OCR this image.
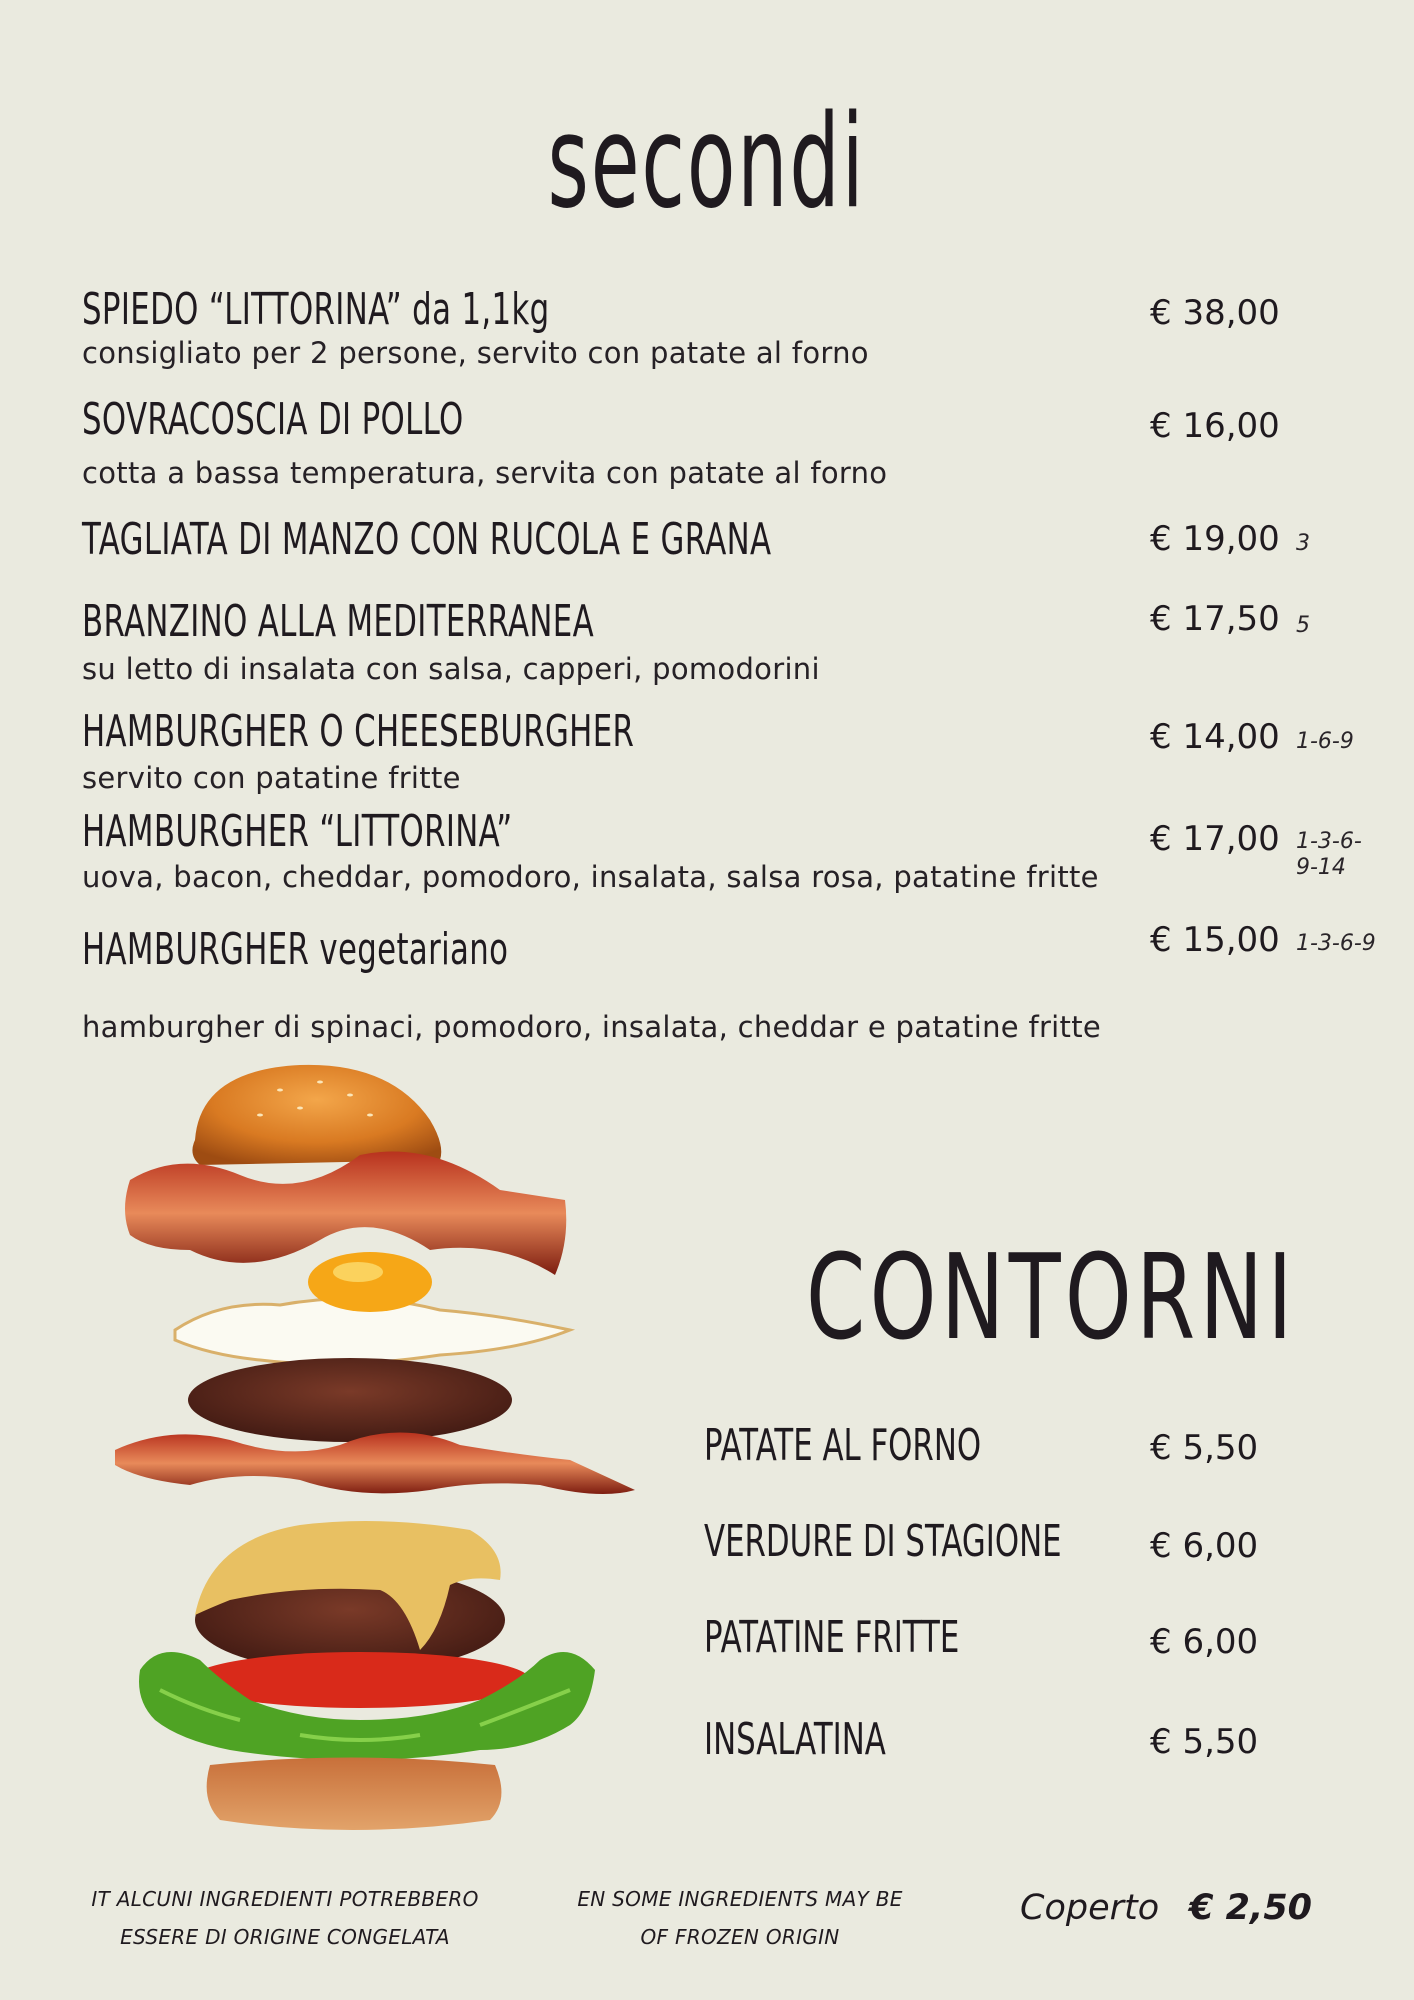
secondi
SPIEDO “LITTORINA” da 1,1kg
consigliato per 2 persone, servito con patate al forno
€ 38,00
SOVRACOSCIA DI POLLO
cotta a bassa temperatura, servita con patate al forno
€ 16,00
TAGLIATA DI MANZO CON RUCOLA E GRANA	€ 19,00 3
BRANZINO ALLA MEDITERRANEA
su letto di insalata con salsa, capperi, pomodorini
€ 17,50 5
HAMBURGHER O CHEESEBURGHER
servito con patatine fritte
€ 14,00 1-6-9
HAMBURGHER “LITTORINA”
uova, bacon, cheddar, pomodoro, insalata, salsa rosa, patatine fritte
€ 17,00 1-3-6-
9-14
HAMBURGHER vegetariano
hamburgher di spinaci, pomodoro, insalata, cheddar e patatine fritte
€ 15,00 1-3-6-9
CONTORNI
PATATE AL FORNO	€ 5,50
VERDURE DI STAGIONE	€ 6,00
PATATINE FRITTE	€ 6,00
INSALATINA	€ 5,50
IT ALCUNI INGREDIENTI POTREBBERO
ESSERE DI ORIGINE CONGELATA
EN SOME INGREDIENTS MAY BE
OF FROZEN ORIGIN
Coperto € 2,50
